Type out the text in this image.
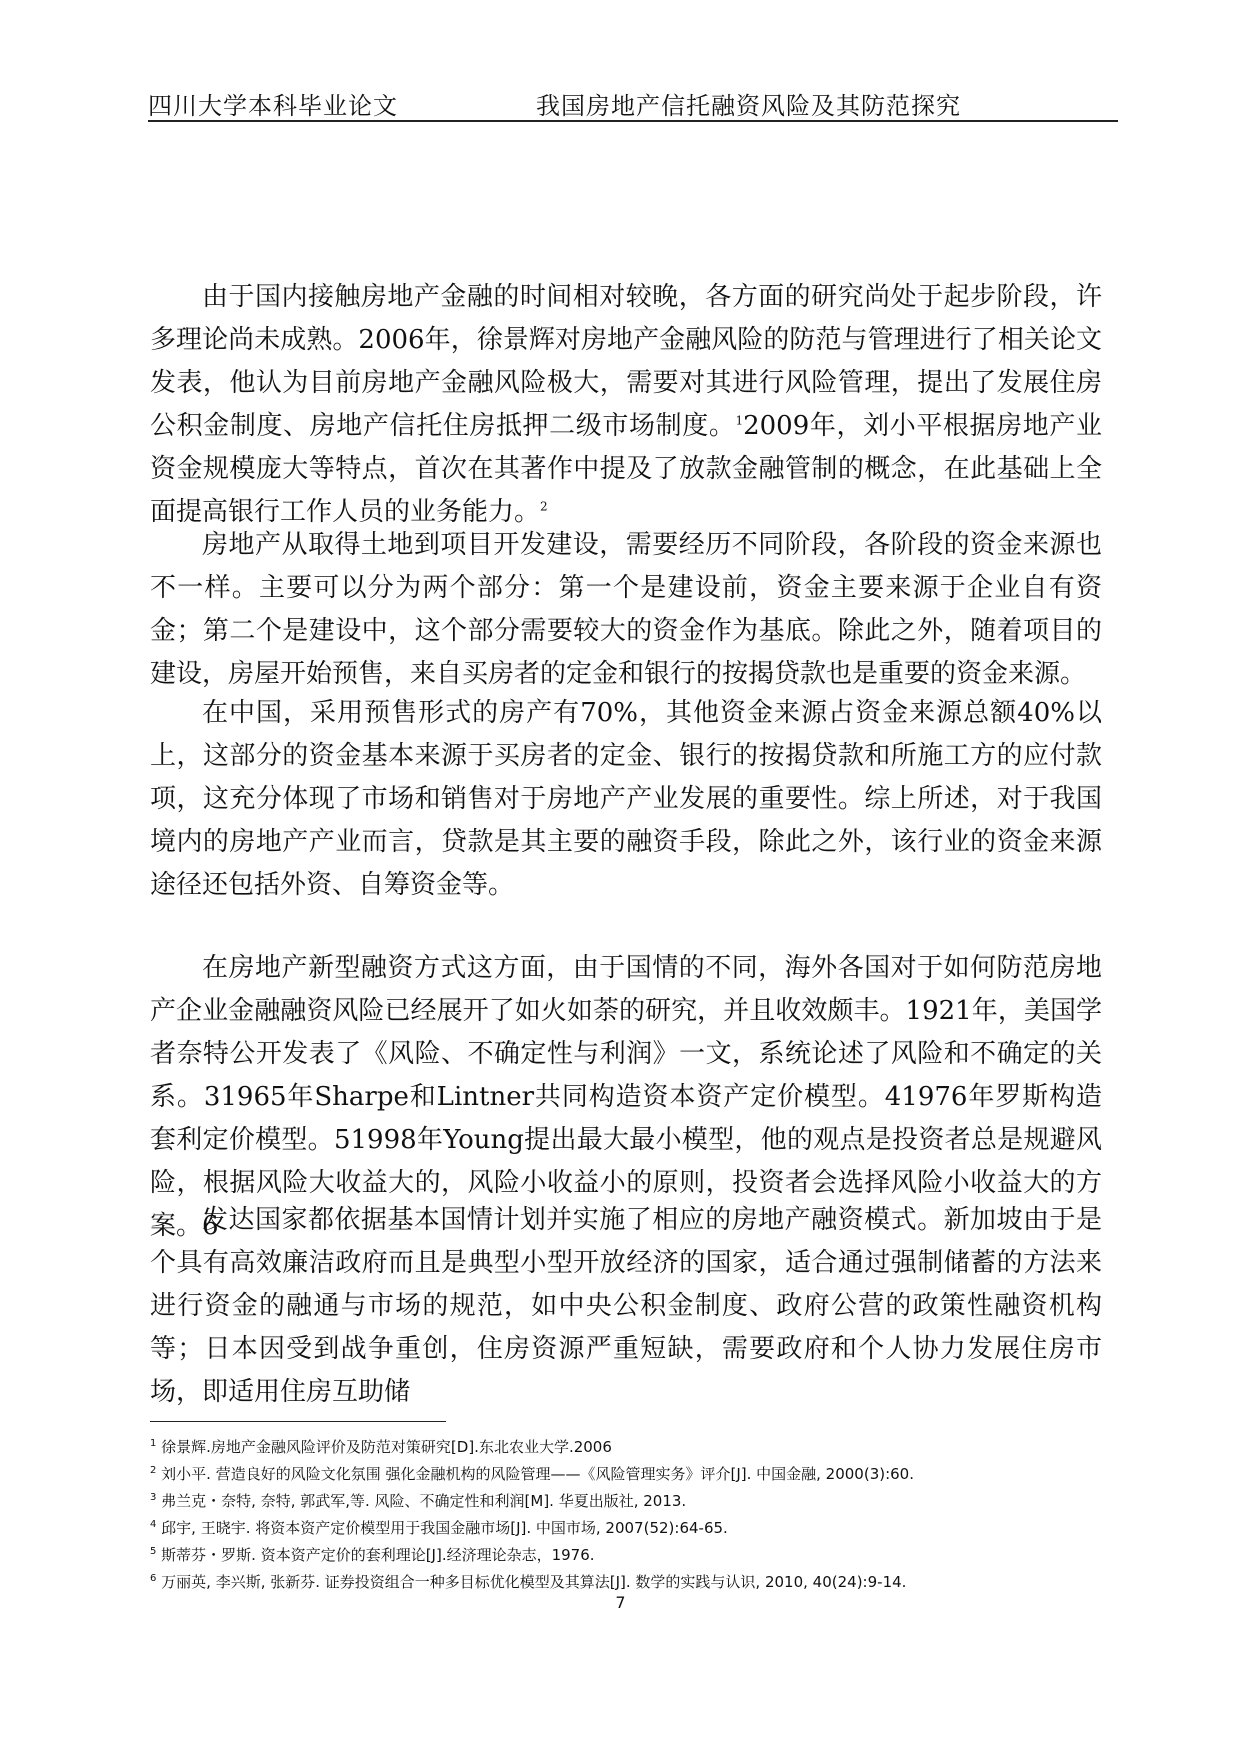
四川大学本科毕业论文	我国房地产信托融资风险及其防范探究

由于国内接触房地产金融的时间相对较晚，各方面的研究尚处于起步阶段，许多理论尚未成熟。2006年，徐景辉对房地产金融风险的防范与管理进行了相关论文发表，他认为目前房地产金融风险极大，需要对其进行风险管理，提出了发展住房公积金制度、房地产信托住房抵押二级市场制度。$^1$2009年，刘小平根据房地产业资金规模庞大等特点，首次在其著作中提及了放款金融管制的概念，在此基础上全面提高银行工作人员的业务能力。$^2$

房地产从取得土地到项目开发建设，需要经历不同阶段，各阶段的资金来源也不一样。主要可以分为两个部分：第一个是建设前，资金主要来源于企业自有资金；第二个是建设中，这个部分需要较大的资金作为基底。除此之外，随着项目的建设，房屋开始预售，来自买房者的定金和银行的按揭贷款也是重要的资金来源。

在中国，采用预售形式的房产有70%，其他资金来源占资金来源总额40%以上，这部分的资金基本来源于买房者的定金、银行的按揭贷款和所施工方的应付款项，这充分体现了市场和销售对于房地产产业发展的重要性。综上所述，对于我国境内的房地产产业而言，贷款是其主要的融资手段，除此之外，该行业的资金来源途径还包括外资、自筹资金等。

在房地产新型融资方式这方面，由于国情的不同，海外各国对于如何防范房地产企业金融融资风险已经展开了如火如荼的研究，并且收效颇丰。1921年，美国学者奈特公开发表了《风险、不确定性与利润》一文，系统论述了风险和不确定的关系。31965年Sharpe和Lintner共同构造资本资产定价模型。41976年罗斯构造套利定价模型。51998年Young提出最大最小模型，他的观点是投资者总是规避风险，根据风险大收益大的，风险小收益小的原则，投资者会选择风险小收益大的方案。6

发达国家都依据基本国情计划并实施了相应的房地产融资模式。新加坡由于是个具有高效廉洁政府而且是典型小型开放经济的国家，适合通过强制储蓄的方法来进行资金的融通与市场的规范，如中央公积金制度、政府公营的政策性融资机构等；日本因受到战争重创，住房资源严重短缺，需要政府和个人协力发展住房市场，即适用住房互助储

$^1$ 徐景辉.房地产金融风险评价及防范对策研究[D].东北农业大学.2006
$^2$ 刘小平. 营造良好的风险文化氛围 强化金融机构的风险管理——《风险管理实务》评介[J]. 中国金融, 2000(3):60.
$^3$ 弗兰克・奈特, 奈特, 郭武军,等. 风险、不确定性和利润[M]. 华夏出版社, 2013.
$^4$ 邱宇, 王晓宇. 将资本资产定价模型用于我国金融市场[J]. 中国市场, 2007(52):64-65.
$^5$ 斯蒂芬・罗斯. 资本资产定价的套利理论[J].经济理论杂志，1976.
$^6$ 万丽英, 李兴斯, 张新芬. 证券投资组合一种多目标优化模型及其算法[J]. 数学的实践与认识, 2010, 40(24):9-14.
7
